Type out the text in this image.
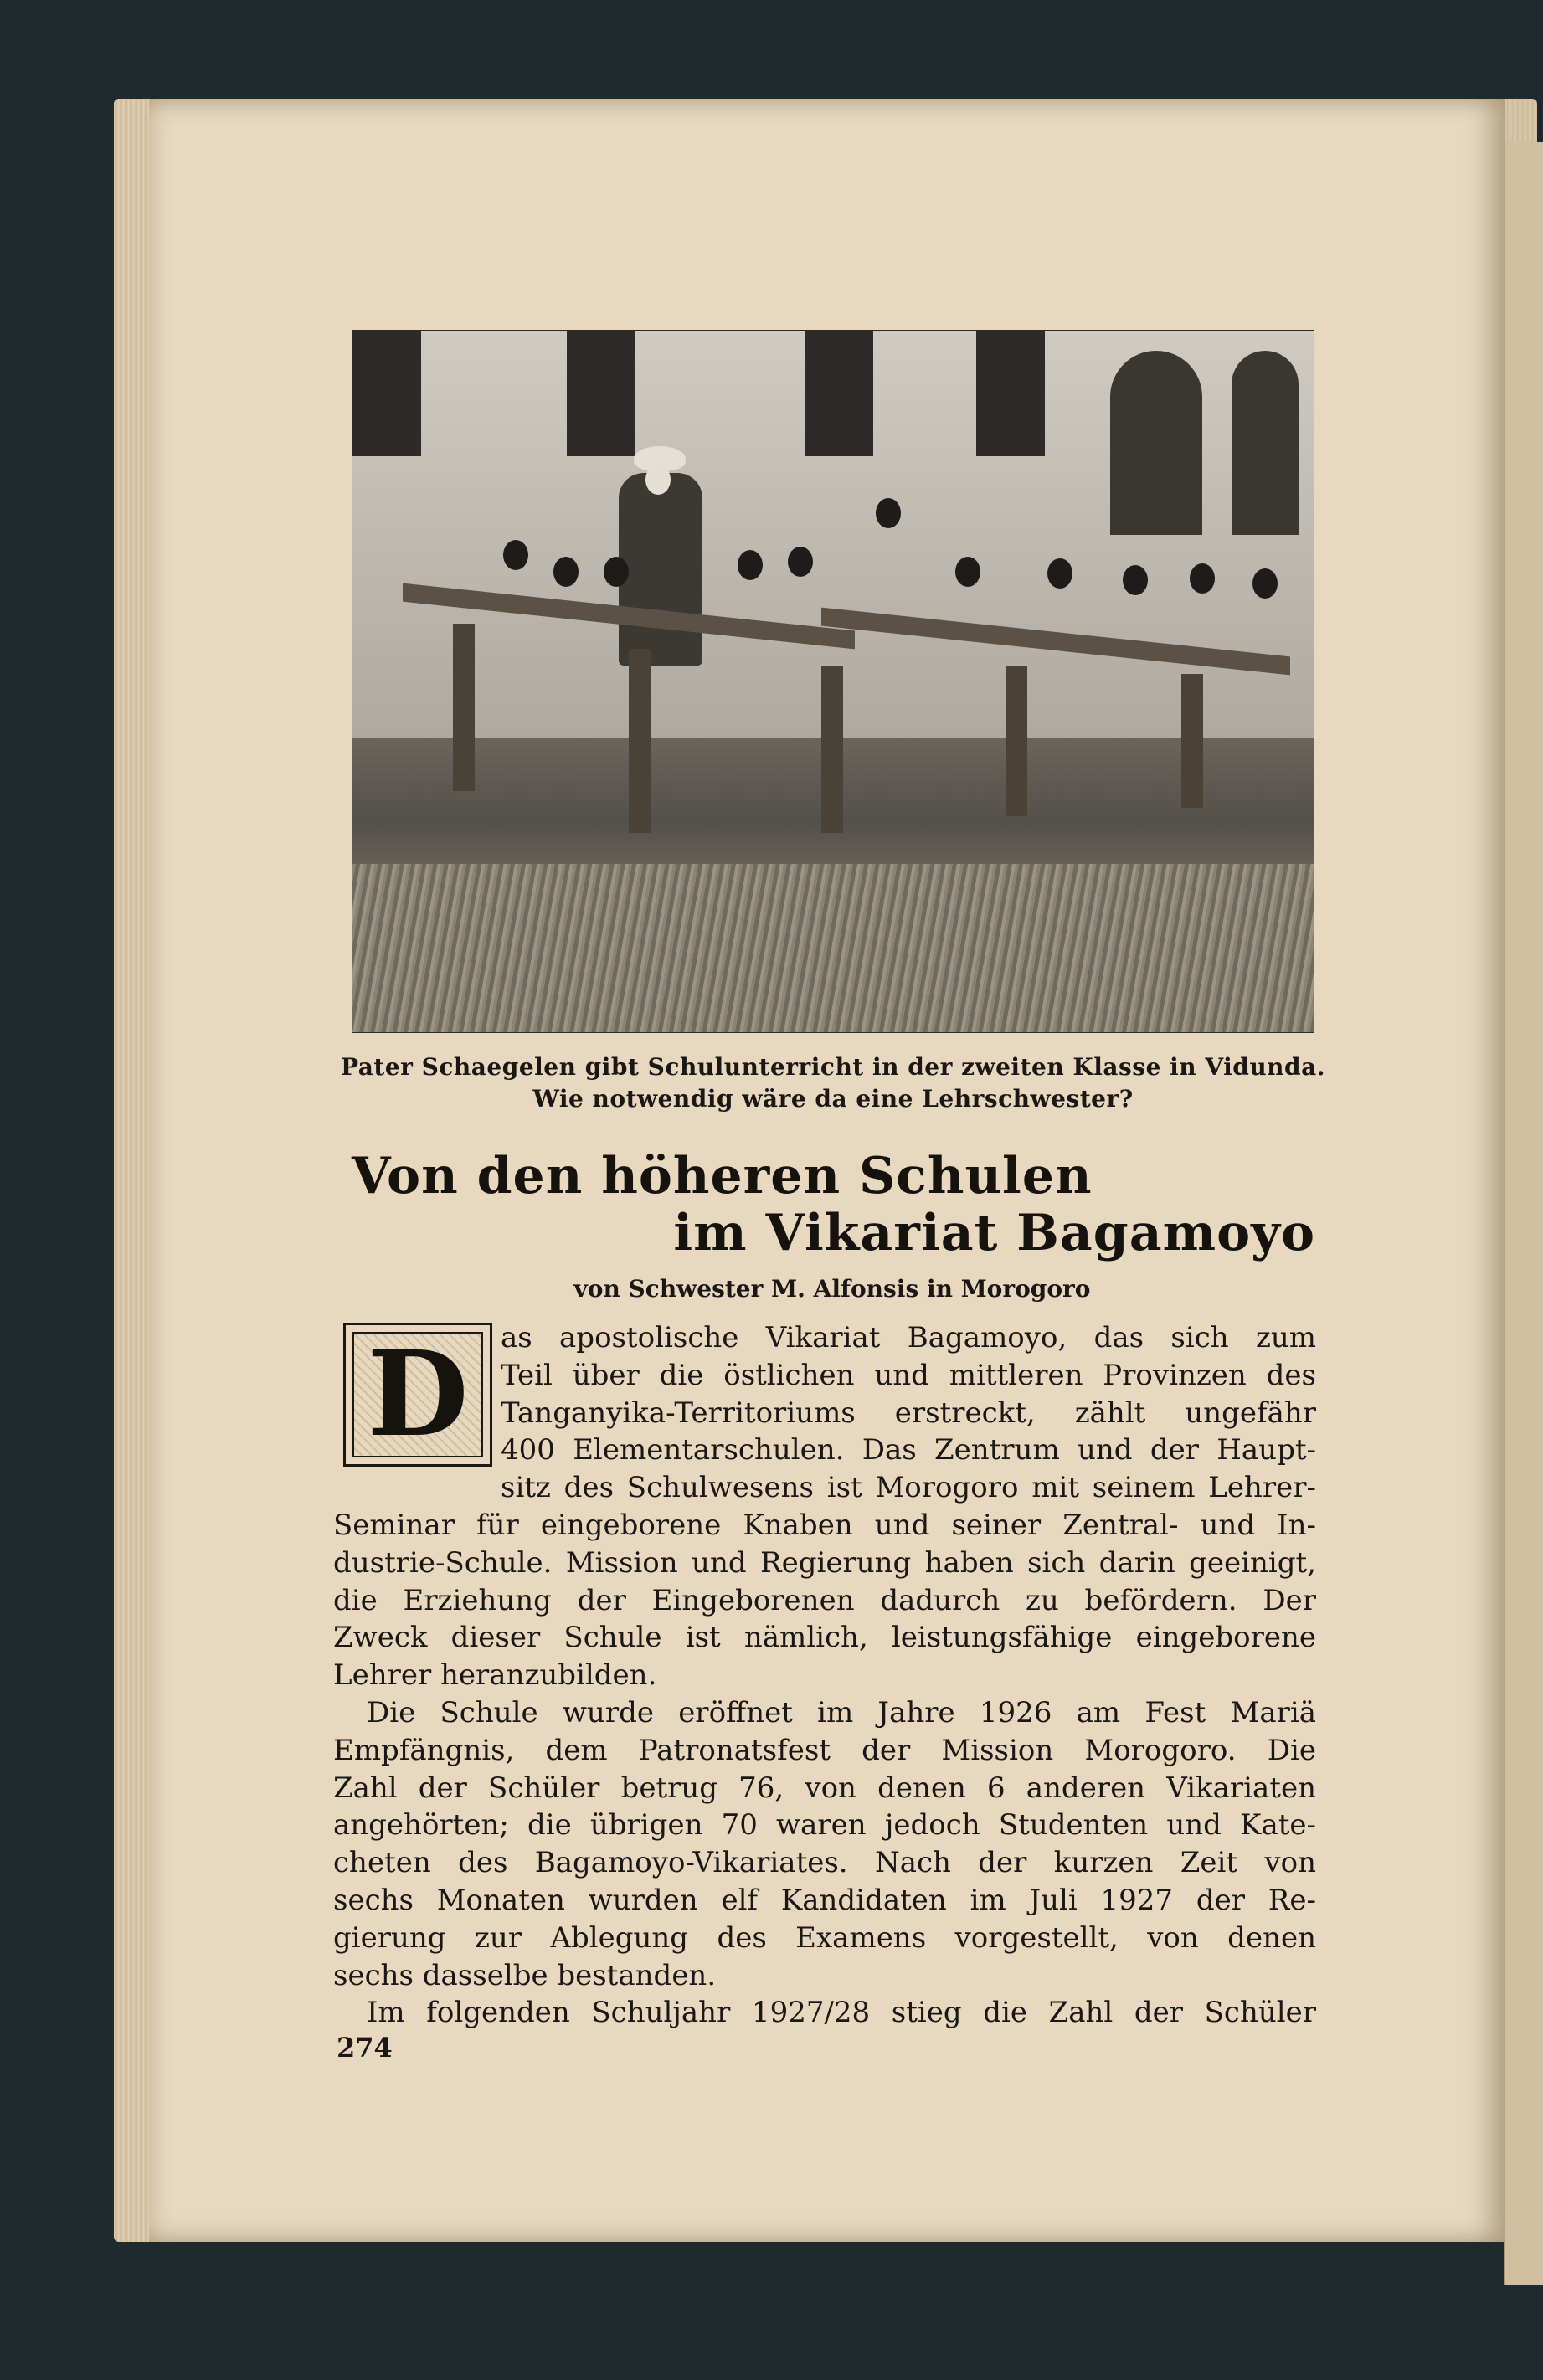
Pater Schaegelen gibt Schulunterricht in der zweiten Klasse in Vidunda.
Wie notwendig wäre da eine Lehrschwester?
Von den höheren Schulen
im Vikariat Bagamoyo
von Schwester M. Alfonsis in Morogoro
D	as apostolische Vikariat Bagamoyo, das sich zum
Teil über die östlichen und mittleren Provinzen des
Tanganyika-Territoriums erstreckt, zählt ungefähr
400 Elementarschulen. Das Zentrum und der Haupt-
sitz des Schulwesens ist Morogoro mit seinem Lehrer-
Seminar für eingeborene Knaben und seiner Zentral- und In-
dustrie-Schule. Mission und Regierung haben sich darin geeinigt,
die Erziehung der Eingeborenen dadurch zu befördern. Der
Zweck dieser Schule ist nämlich, leistungsfähige eingeborene
Lehrer heranzubilden.
Die Schule wurde eröffnet im Jahre 1926 am Fest Mariä
Empfängnis, dem Patronatsfest der Mission Morogoro. Die
Zahl der Schüler betrug 76, von denen 6 anderen Vikariaten
angehörten; die übrigen 70 waren jedoch Studenten und Kate-
cheten des Bagamoyo-Vikariates. Nach der kurzen Zeit von
sechs Monaten wurden elf Kandidaten im Juli 1927 der Re-
gierung zur Ablegung des Examens vorgestellt, von denen
sechs dasselbe bestanden.
Im folgenden Schuljahr 1927/28 stieg die Zahl der Schüler
274
